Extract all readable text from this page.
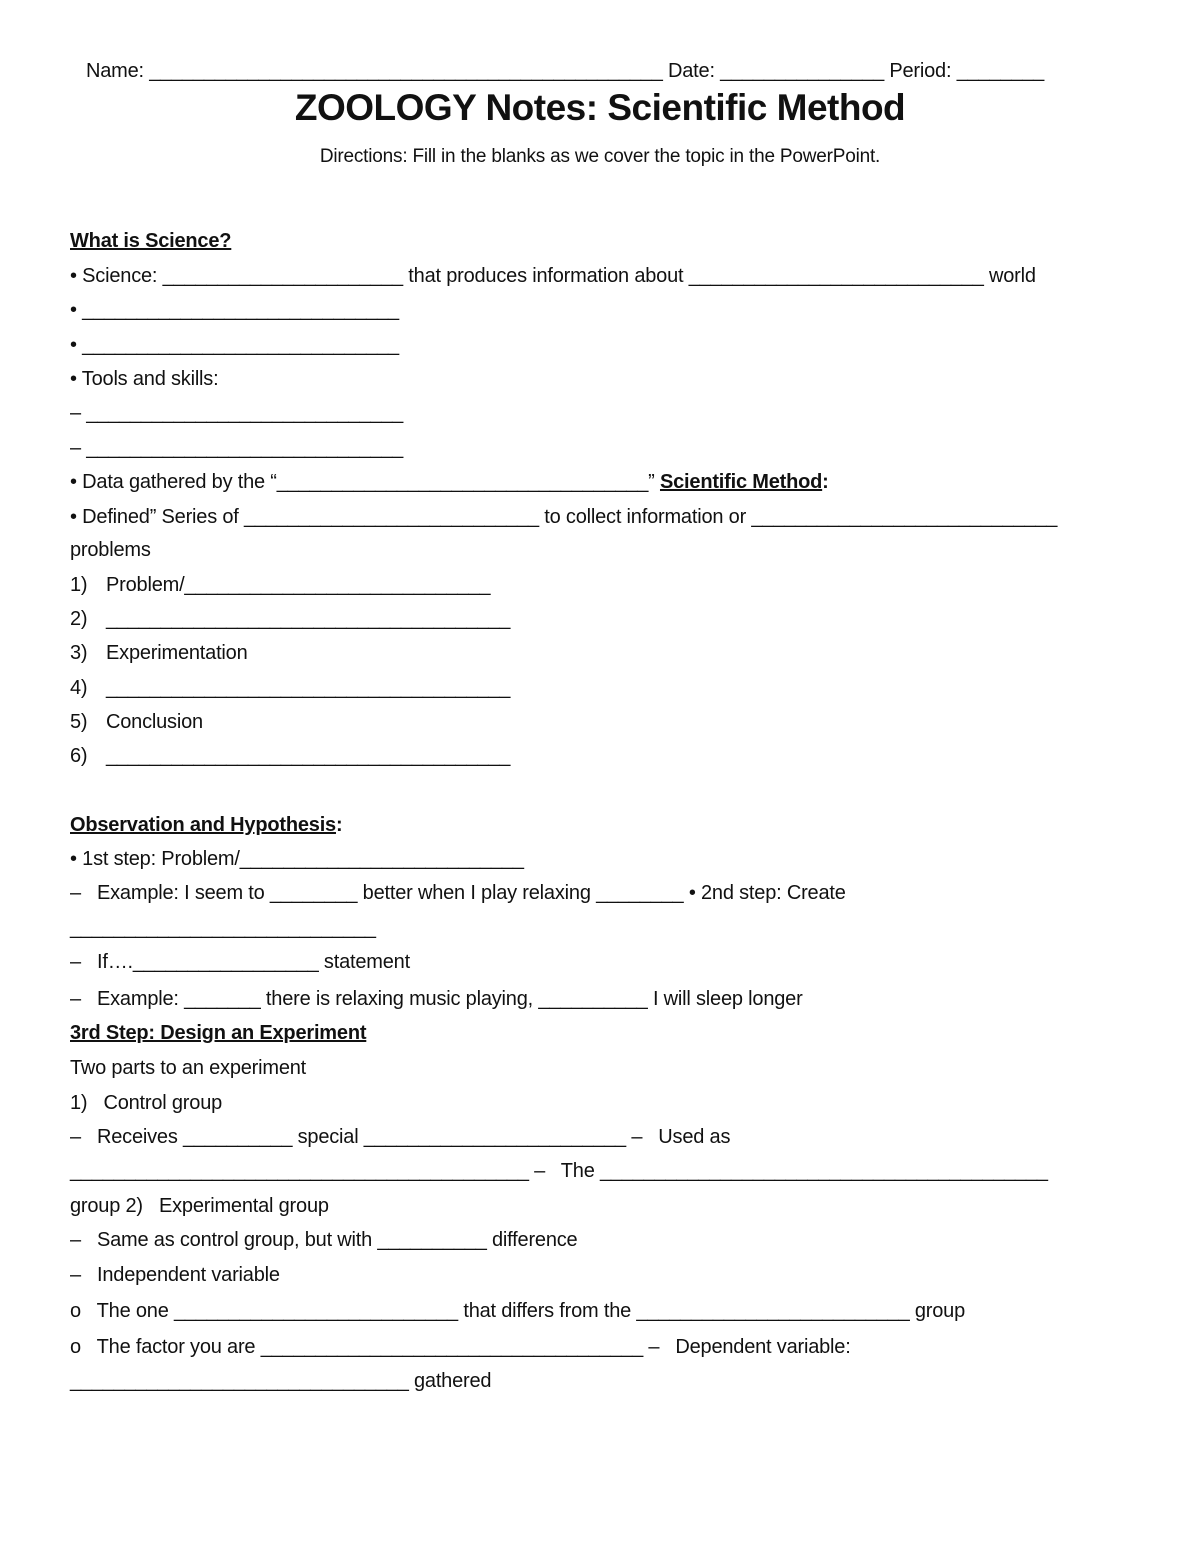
Name: _______________________________________________ Date: _______________ Period: ________
ZOOLOGY Notes: Scientific Method
Directions: Fill in the blanks as we cover the topic in the PowerPoint.
What is Science?
• Science: ______________________ that produces information about ___________________________ world
• _____________________________
• _____________________________
• Tools and skills:
– _____________________________
– _____________________________
• Data gathered by the “__________________________________” Scientific Method:
• Defined” Series of ___________________________ to collect information or ____________________________
problems
1) Problem/____________________________
2) _____________________________________
3) Experimentation
4) _____________________________________
5) Conclusion
6) _____________________________________
Observation and Hypothesis:
• 1st step: Problem/__________________________
–   Example: I seem to ________ better when I play relaxing ________ • 2nd step: Create
____________________________
–   If…._________________ statement
–   Example: _______ there is relaxing music playing, __________ I will sleep longer
3rd Step: Design an Experiment
Two parts to an experiment
1)   Control group
–   Receives __________ special ________________________ –   Used as
__________________________________________ –   The _________________________________________
group 2)   Experimental group
–   Same as control group, but with __________ difference
–   Independent variable
o   The one __________________________ that differs from the _________________________ group
o   The factor you are ___________________________________ –   Dependent variable:
_______________________________ gathered
